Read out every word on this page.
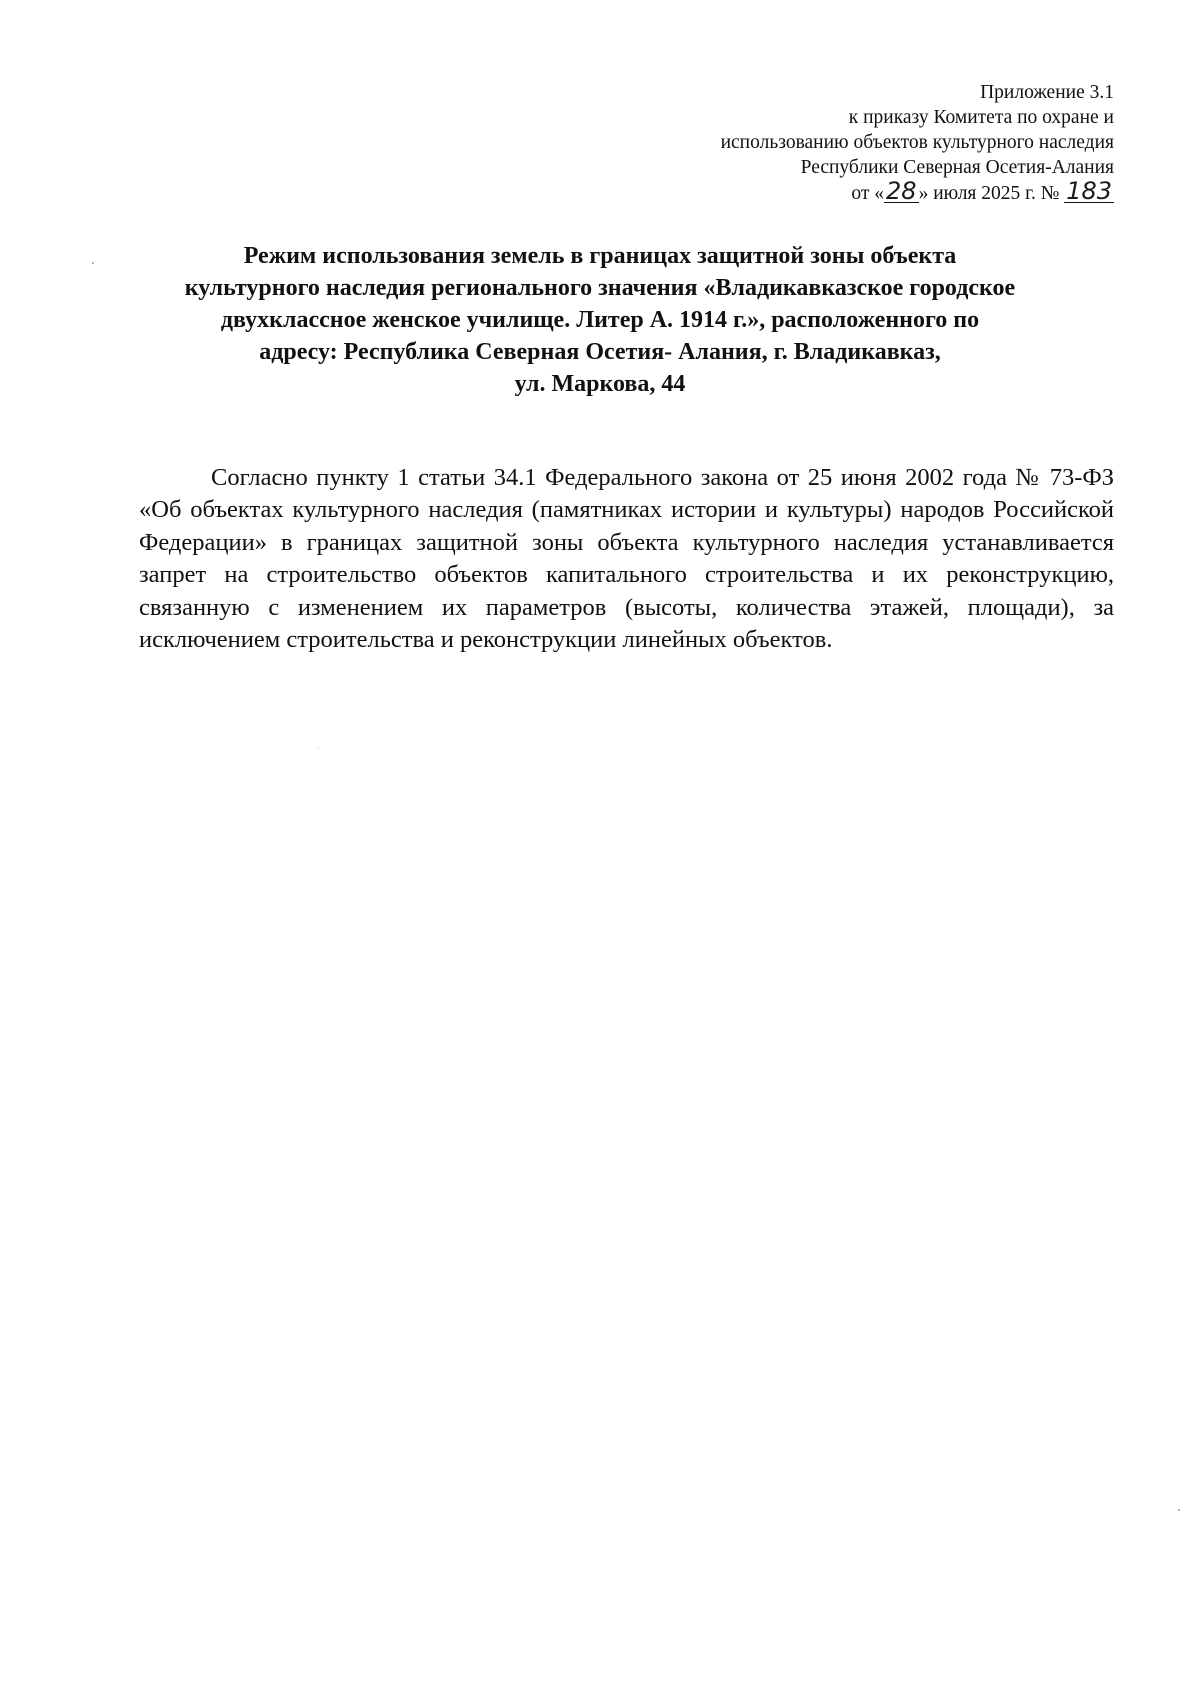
Приложение 3.1
к приказу Комитета по охране и
использованию объектов культурного наследия
Республики Северная Осетия-Алания
от «28 » июля 2025 г. № 183
Режим использования земель в границах защитной зоны объекта
культурного наследия регионального значения «Владикавказское городское
двухклассное женское училище. Литер А. 1914 г.», расположенного по
адресу: Республика Северная Осетия- Алания, г. Владикавказ,
ул. Маркова, 44

Согласно пункту 1 статьи 34.1 Федерального закона от 25 июня 2002 года № 73-ФЗ «Об объектах культурного наследия (памятниках истории и культуры) народов Российской Федерации» в границах защитной зоны объекта культурного наследия устанавливается запрет на строительство объектов капитального строительства и их реконструкцию, связанную с изменением их параметров (высоты, количества этажей, площади), за исключением строительства и реконструкции линейных объектов.
